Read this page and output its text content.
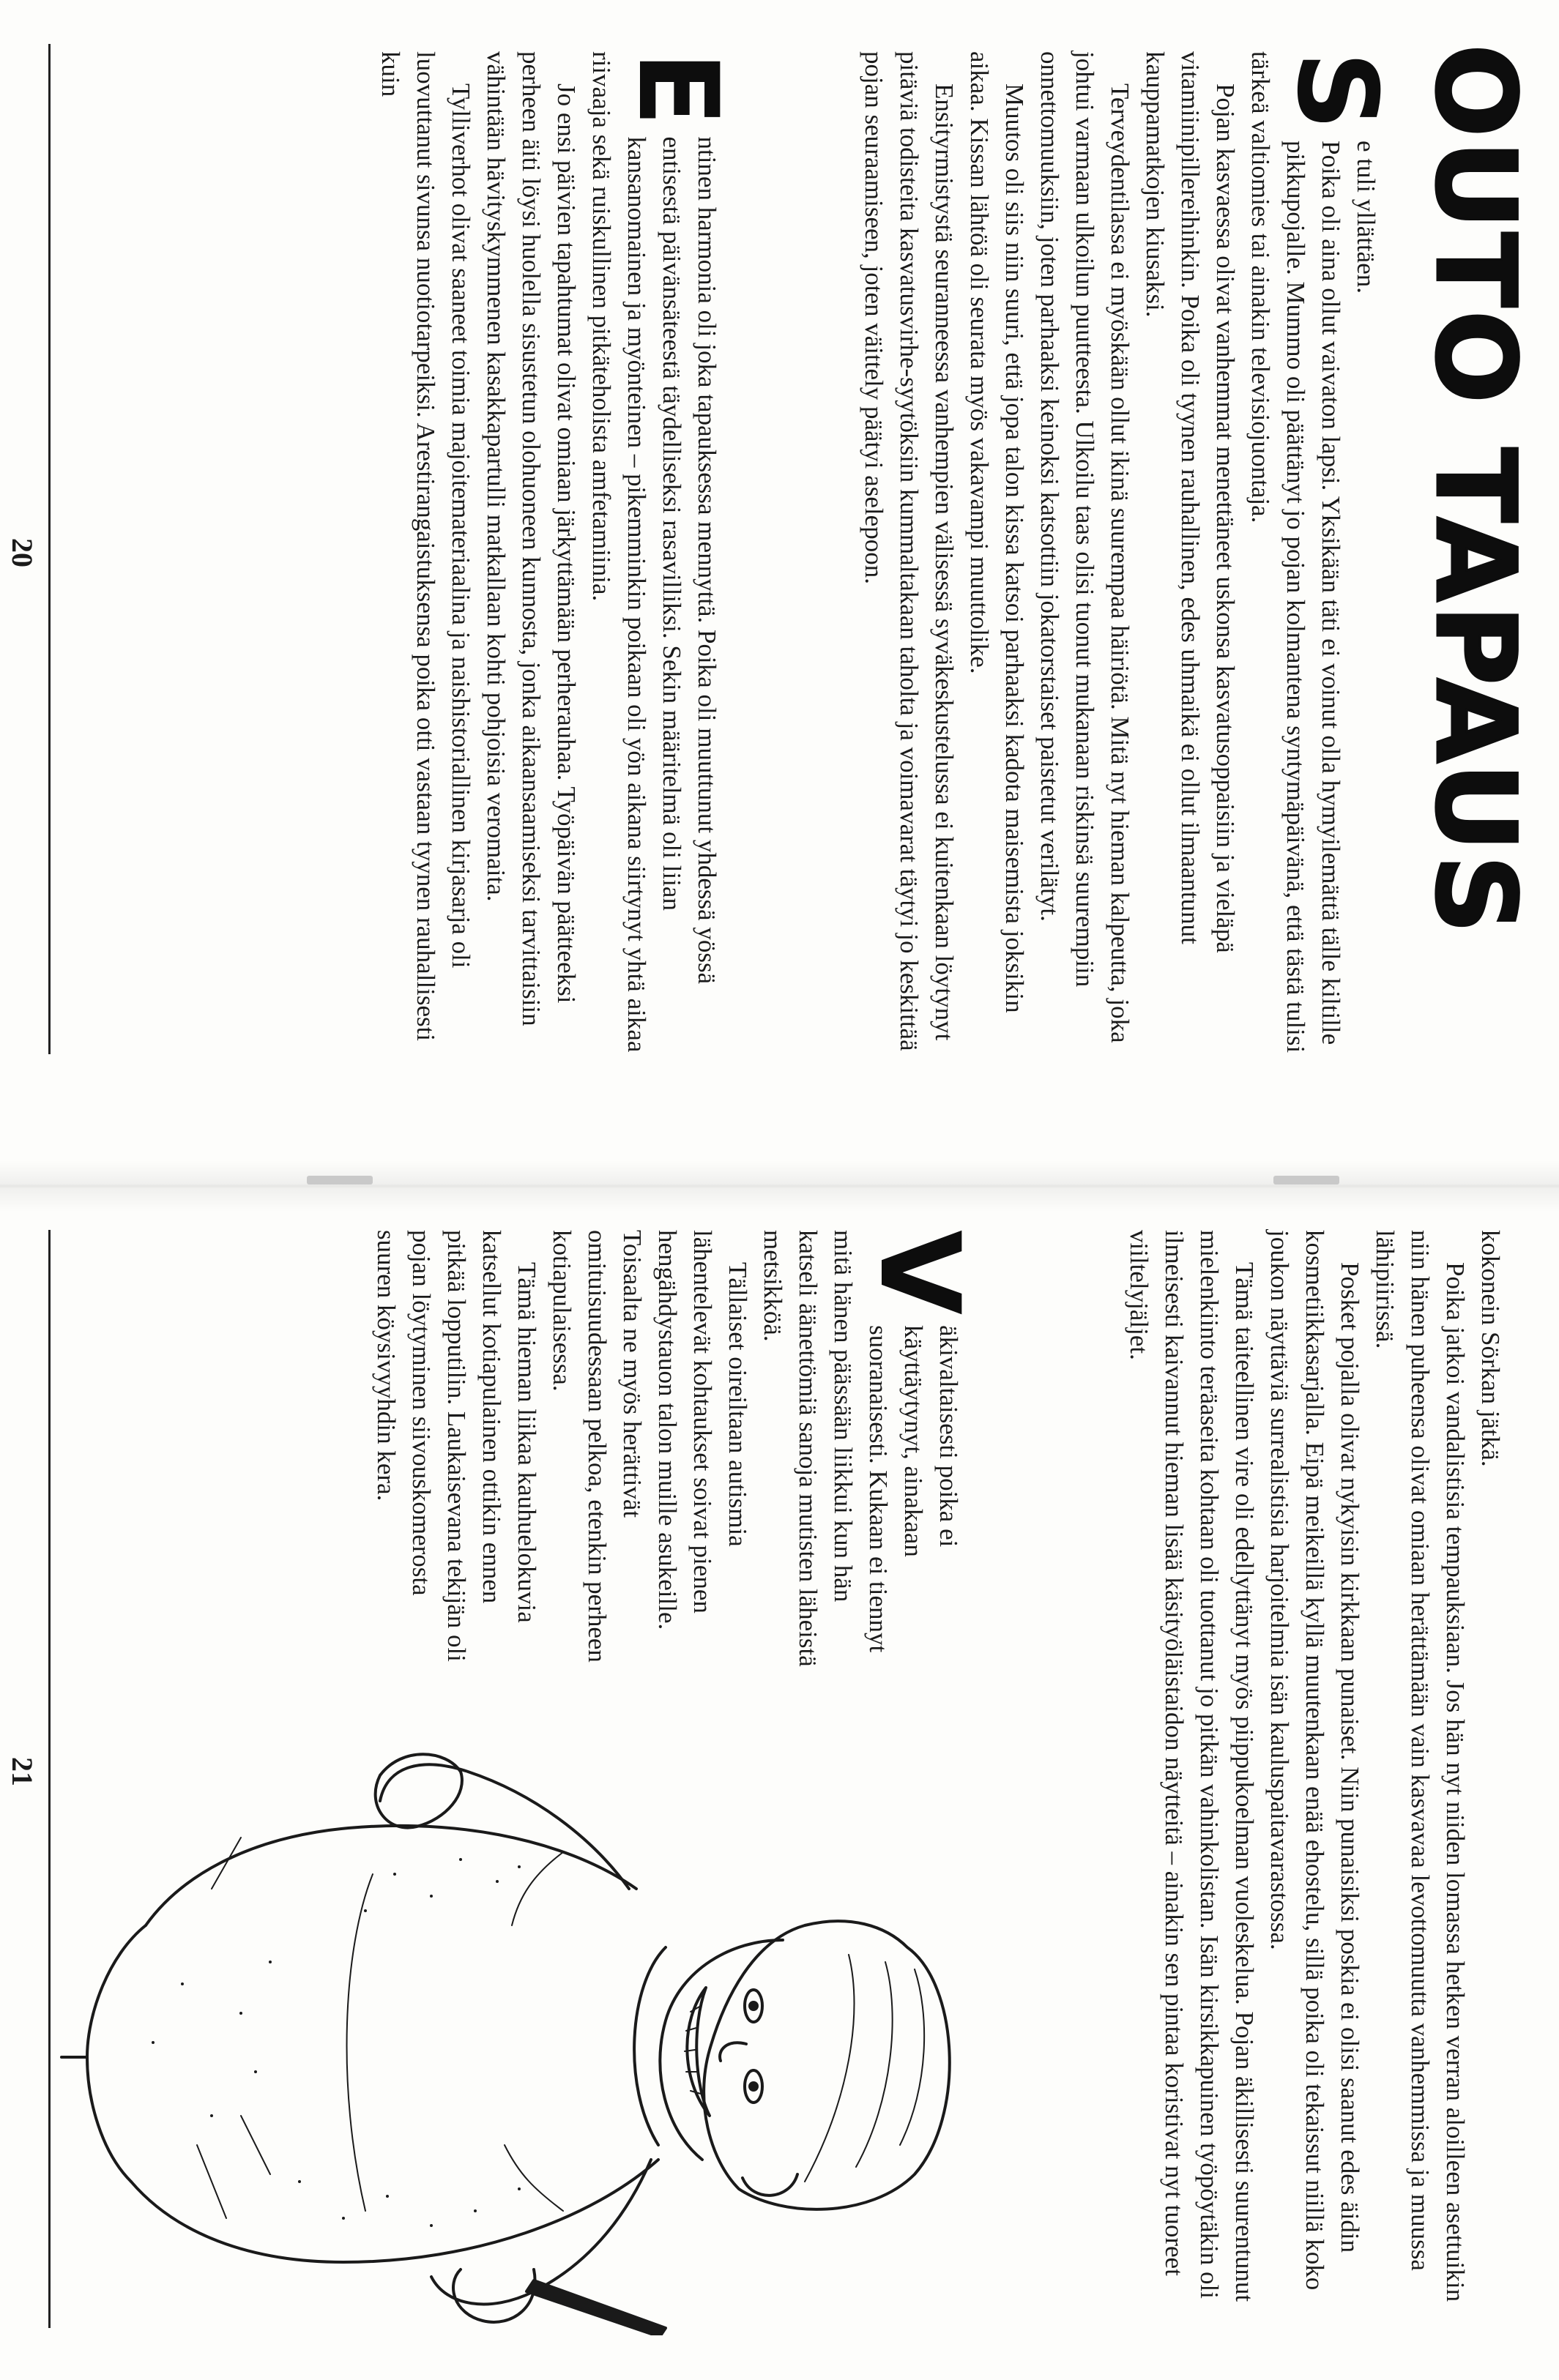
OUTO TAPAUS
S

e tuli yllättäen.

Poika oli aina ollut vaivaton lapsi. Yksikään täti ei voinut olla hymyilemättä tälle kiltille pikkupojalle. Mummo oli päättänyt jo pojan kolmantena syntymäpäivänä, että tästä tulisi tärkeä valtiomies tai ainakin televisiojuontaja.

Pojan kasvaessa olivat vanhemmat menettäneet uskonsa kasvatusoppaisiin ja vieläpä vitamiinipillereihinkin. Poika oli tyynen rauhallinen, edes uhmaikä ei ollut ilmaantunut kauppamatkojen kiusaksi.

Terveydentilassa ei myöskään ollut ikinä suurempaa häiriötä. Mitä nyt hieman kalpeutta, joka johtui varmaan ulkoilun puutteesta. Ulkoilu taas olisi tuonut mukanaan riskinsä suurempiin onnettomuuksiin, joten parhaaksi keinoksi katsottiin jokatorstaiset paistetut verilätyt.

Muutos oli siis niin suuri, että jopa talon kissa katsoi parhaaksi kadota maisemista joksikin aikaa. Kissan lähtöä oli seurata myös vakavampi muuttolike.

Ensityrmistystä seuranneessa vanhempien välisessä syväkeskustelussa ei kuitenkaan löytynyt pitäviä todisteita kasvatusvirhe-syytöksiin kummaltakaan taholta ja voimavarat täytyi jo keskittää pojan seuraamiseen, joten väittely päätyi aselepoon.

E

ntinen harmonia oli joka tapauksessa mennyttä. Poika oli muuttunut yhdessä yössä entisestä päivänsäteestä täydelliseksi rasavilliksi. Sekin määritelmä oli liian kansanomainen ja myönteinen – pikemminkin poikaan oli yön aikana siirtynyt yhtä aikaa riivaaja sekä ruiskullinen pitkäteholista amfetamiinia.

Jo ensi päivien tapahtumat olivat omiaan järkyttämään perherauhaa. Työpäivän päätteeksi perheen äiti löysi huolella sisustetun olohuoneen kunnosta, jonka aikaansaamiseksi tarvittaisiin vähintään hävityskymmenen kasakkapartulli matkallaan kohti pohjoisia veromaita.

Tylliverhot olivat saaneet toimia majoitemateriaalina ja naishistoriallinen kirjasarja oli luovuttanut sivunsa nuotiotarpeiksi. Arestirangaistuksensa poika otti vastaan tyynen rauhallisesti kuin

20

kokonein Sörkan jätkä.

Poika jatkoi vandalistisia tempauksiaan. Jos hän nyt niiden lomassa hetken verran aloilleen asettuikin niin hänen puheensa olivat omiaan herättämään vain kasvavaa levottomuutta vanhemmissa ja muussa lähipiirissä.

Posket pojalla olivat nykyisin kirkkaan punaiset. Niin punaisiksi poskia ei olisi saanut edes äidin kosmetiikkasarjalla. Eipä meikeillä kyllä muutenkaan enää ehostelu, sillä poika oli tekaissut niillä koko joukon näyttäviä surrealistisia harjoitelmia isän kauluspaitavarastossa.

Tämä taiteellinen vire oli edellyttänyt myös piippukoelman vuoleskelua. Pojan äkillisesti suurentunut mielenkiinto teräaseita kohtaan oli tuottanut jo pitkän vahinkolistan. Isän kirsikkapuinen työpöytäkin oli ilmeisesti kaivannut hieman lisää käsityöläistaidon näytteitä – ainakin sen pintaa koristivat nyt tuoreet viiltelyjäljet.

V

äkivaltaisesti poika ei käyttäytynyt, ainakaan suoranaisesti. Kukaan ei tiennyt mitä hänen päässään liikkui kun hän katseli äänettömiä sanoja mutisten läheistä metsikköä.

Tällaiset oireiltaan autismia lähentelevät kohtaukset soivat pienen hengähdystauon talon muille asukeille. Toisaalta ne myös herättivät omituisuudessaan pelkoa, etenkin perheen kotiapulaisessa.

Tämä hieman liikaa kauhuelokuvia katsellut kotiapulainen ottikin ennen pitkää lopputilin. Laukaisevana tekijän oli pojan löytyminen siivouskomerosta suuren köysivyyhdin kera.

21
